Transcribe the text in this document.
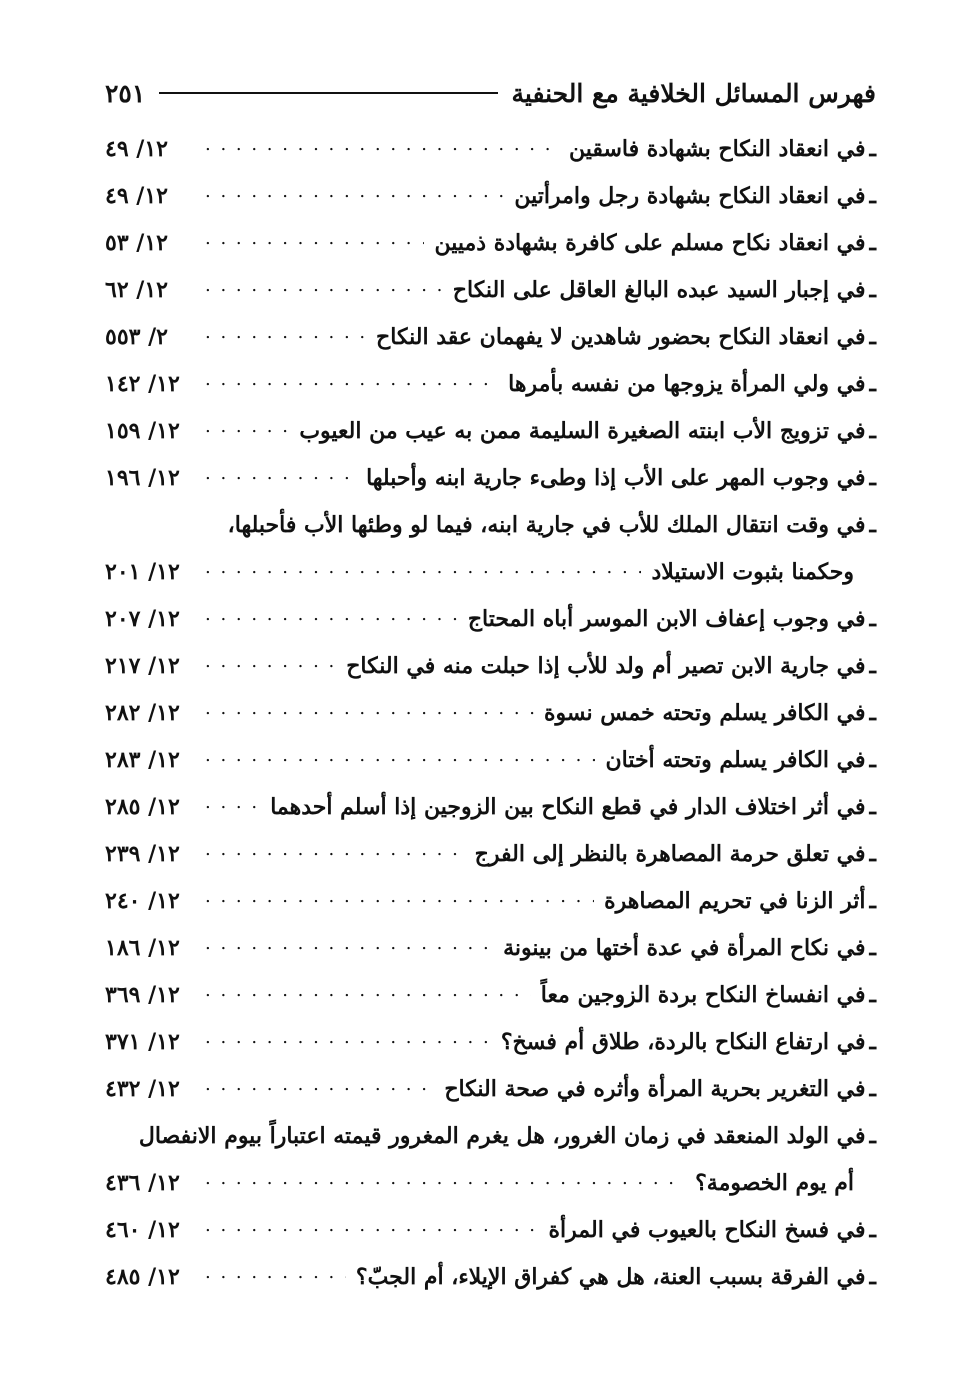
فهرس المسائل الخلافية مع الحنفية
٢٥١
ـ
في انعقاد النكاح بشهادة فاسقين
. . .
١٢/ ٤٩
ـ
في انعقاد النكاح بشهادة رجل وامرأتين
. . .
١٢/ ٤٩
ـ
في انعقاد نكاح مسلم على كافرة بشهادة ذميين
. . .
١٢/ ٥٣
ـ
في إجبار السيد عبده البالغ العاقل على النكاح
. . .
١٢/ ٦٢
ـ
في انعقاد النكاح بحضور شاهدين لا يفهمان عقد النكاح
. . .
٢/ ٥٥٣
ـ
في ولي المرأة يزوجها من نفسه بأمرها
. . .
١٢/ ١٤٢
ـ
في تزويج الأب ابنته الصغيرة السليمة ممن به عيب من العيوب
. . .
١٢/ ١٥٩
ـ
في وجوب المهر على الأب إذا وطىء جارية ابنه وأحبلها
. . .
١٢/ ١٩٦
ـ
في وقت انتقال الملك للأب في جارية ابنه، فيما لو وطئها الأب فأحبلها،
وحكمنا بثبوت الاستيلاد
. . .
١٢/ ٢٠١
ـ
في وجوب إعفاف الابن الموسر أباه المحتاج
. . .
١٢/ ٢٠٧
ـ
في جارية الابن تصير أم ولد للأب إذا حبلت منه في النكاح
. . .
١٢/ ٢١٧
ـ
في الكافر يسلم وتحته خمس نسوة
. . .
١٢/ ٢٨٢
ـ
في الكافر يسلم وتحته أختان
. . .
١٢/ ٢٨٣
ـ
في أثر اختلاف الدار في قطع النكاح بين الزوجين إذا أسلم أحدهما
. . .
١٢/ ٢٨٥
ـ
في تعلق حرمة المصاهرة بالنظر إلى الفرج
. . .
١٢/ ٢٣٩
ـ
أثر الزنا في تحريم المصاهرة
. . .
١٢/ ٢٤٠
ـ
في نكاح المرأة في عدة أختها من بينونة
. . .
١٢/ ١٨٦
ـ
في انفساخ النكاح بردة الزوجين معاً
. . .
١٢/ ٣٦٩
ـ
في ارتفاع النكاح بالردة، طلاق أم فسخ؟
. . .
١٢/ ٣٧١
ـ
في التغرير بحرية المرأة وأثره في صحة النكاح
. . .
١٢/ ٤٣٢
ـ
في الولد المنعقد في زمان الغرور، هل يغرم المغرور قيمته اعتباراً بيوم الانفصال
أم يوم الخصومة؟
. . .
١٢/ ٤٣٦
ـ
في فسخ النكاح بالعيوب في المرأة
. . .
١٢/ ٤٦٠
ـ
في الفرقة بسبب العنة، هل هي كفراق الإيلاء، أم الجبّ؟
. . .
١٢/ ٤٨٥
